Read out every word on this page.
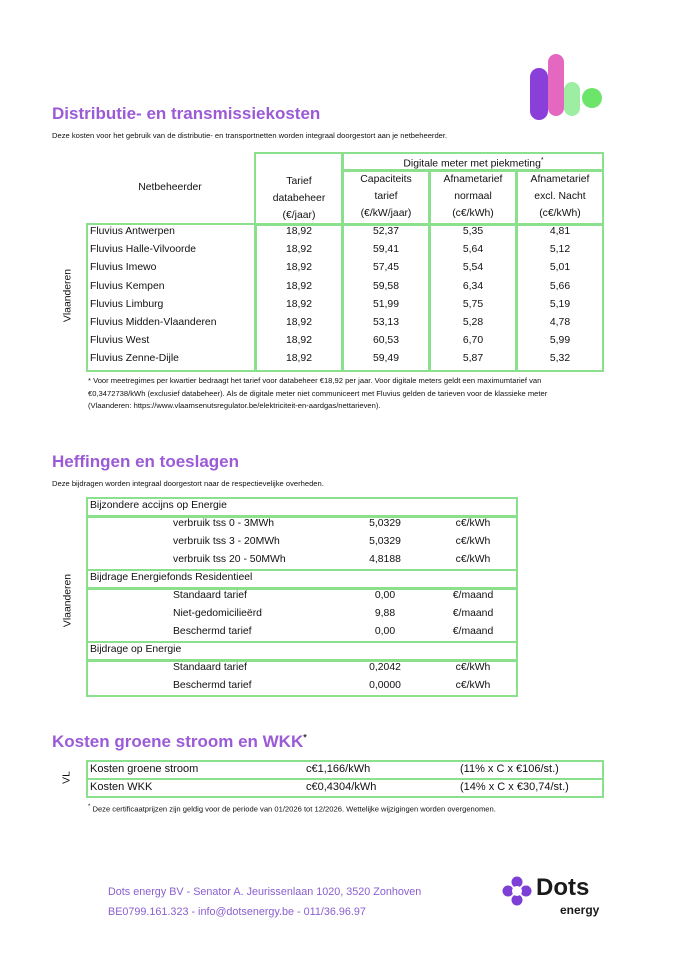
Distributie- en transmissiekosten
Deze kosten voor het gebruik van de distributie- en transportnetten worden integraal doorgestort aan je netbeheerder.
Netbeheerder
Tarief
databeheer
(€/jaar)
Digitale meter met piekmeting*
Capaciteits
tarief
(€/kW/jaar)
Afnametarief
normaal
(c€/kWh)
Afnametarief
excl. Nacht
(c€/kWh)
Vlaanderen
Fluvius Antwerpen	18,92	52,37	5,35	4,81
Fluvius Halle-Vilvoorde	18,92	59,41	5,64	5,12
Fluvius Imewo	18,92	57,45	5,54	5,01
Fluvius Kempen	18,92	59,58	6,34	5,66
Fluvius Limburg	18,92	51,99	5,75	5,19
Fluvius Midden-Vlaanderen	18,92	53,13	5,28	4,78
Fluvius West	18,92	60,53	6,70	5,99
Fluvius Zenne-Dijle	18,92	59,49	5,87	5,32
* Voor meetregimes per kwartier bedraagt het tarief voor databeheer €18,92 per jaar. Voor digitale meters geldt een maximumtarief van €0,3472738/kWh (exclusief databeheer). Als de digitale meter niet communiceert met Fluvius gelden de tarieven voor de klassieke meter (Vlaanderen: https://www.vlaamsenutsregulator.be/elektriciteit-en-aardgas/nettarieven).
Heffingen en toeslagen
Deze bijdragen worden integraal doorgestort naar de respectievelijke overheden.
Vlaanderen
Bijzondere accijns op Energie
verbruik tss 0 - 3MWh	5,0329	c€/kWh
verbruik tss 3 - 20MWh	5,0329	c€/kWh
verbruik tss 20 - 50MWh	4,8188	c€/kWh
Bijdrage Energiefonds Residentieel
Standaard tarief	0,00	€/maand
Niet-gedomicilieërd	9,88	€/maand
Beschermd tarief	0,00	€/maand
Bijdrage op Energie
Standaard tarief	0,2042	c€/kWh
Beschermd tarief	0,0000	c€/kWh
Kosten groene stroom en WKK*
VL
Kosten groene stroom	c€1,166/kWh	(11% x C x €106/st.)
Kosten WKK	c€0,4304/kWh	(14% x C x €30,74/st.)
* Deze certificaatprijzen zijn geldig voor de periode van 01/2026 tot 12/2026. Wettelijke wijzigingen worden overgenomen.
Dots energy BV - Senator A. Jeurissenlaan 1020, 3520 Zonhoven
BE0799.161.323 - info@dotsenergy.be - 011/36.96.97
Dots
energy
